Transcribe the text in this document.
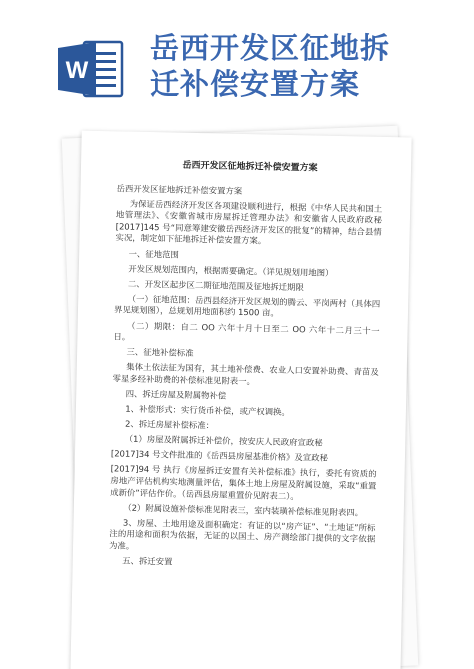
W
岳西开发区征地拆
迁补偿安置方案
岳西开发区征地拆迁补偿安置方案

岳西开发区征地拆迁补偿安置方案

为保证岳西经济开发区各项建设顺利进行，根据《中华人民共和国土地管理法》、《安徽省城市房屋拆迁管理办法》和安徽省人民政府政秘[2017]145 号“同意筹建安徽岳西经济开发区的批复”的精神，结合县情实况，制定如下征地拆迁补偿安置方案。

一、征地范围

开发区规划范围内，根据需要确定。（详见规划用地图）

二、开发区起步区二期征地范围及征地拆迁期限

（一）征地范围：岳西县经济开发区规划的腾云、平岗两村（具体四界见规划图），总规划用地面积约 1500 亩。

（二）期限：自二 OO 六年十月十日至二 OO 六年十二月三十一日。

三、征地补偿标准

集体土依法征为国有，其土地补偿费、农业人口安置补助费、青苗及零星多经补助费的补偿标准见附表一。

四、拆迁房屋及附属物补偿

1、补偿形式：实行货币补偿，或产权调换。

2、拆迁房屋补偿标准：

（1）房屋及附属拆迁补偿价，按安庆人民政府宣政秘

[2017]34 号文件批准的《岳西县房屋基准价格》及宣政秘

[2017]94 号 执行《房屋拆迁安置有关补偿标准》执行，委托有资质的房地产评估机构实地测量评估，集体土地上房屋及附属设施，采取“重置成新价”评估作价。（岳西县房屋重置价见附表二）。

（2）附属设施补偿标准见附表三，室内装璜补偿标准见附表四。

3、房屋、土地用途及面积确定：有证的以“房产证”、“土地证”所标注的用途和面积为依据，无证的以国土、房产测绘部门提供的文字依据为准。

五、拆迁安置
